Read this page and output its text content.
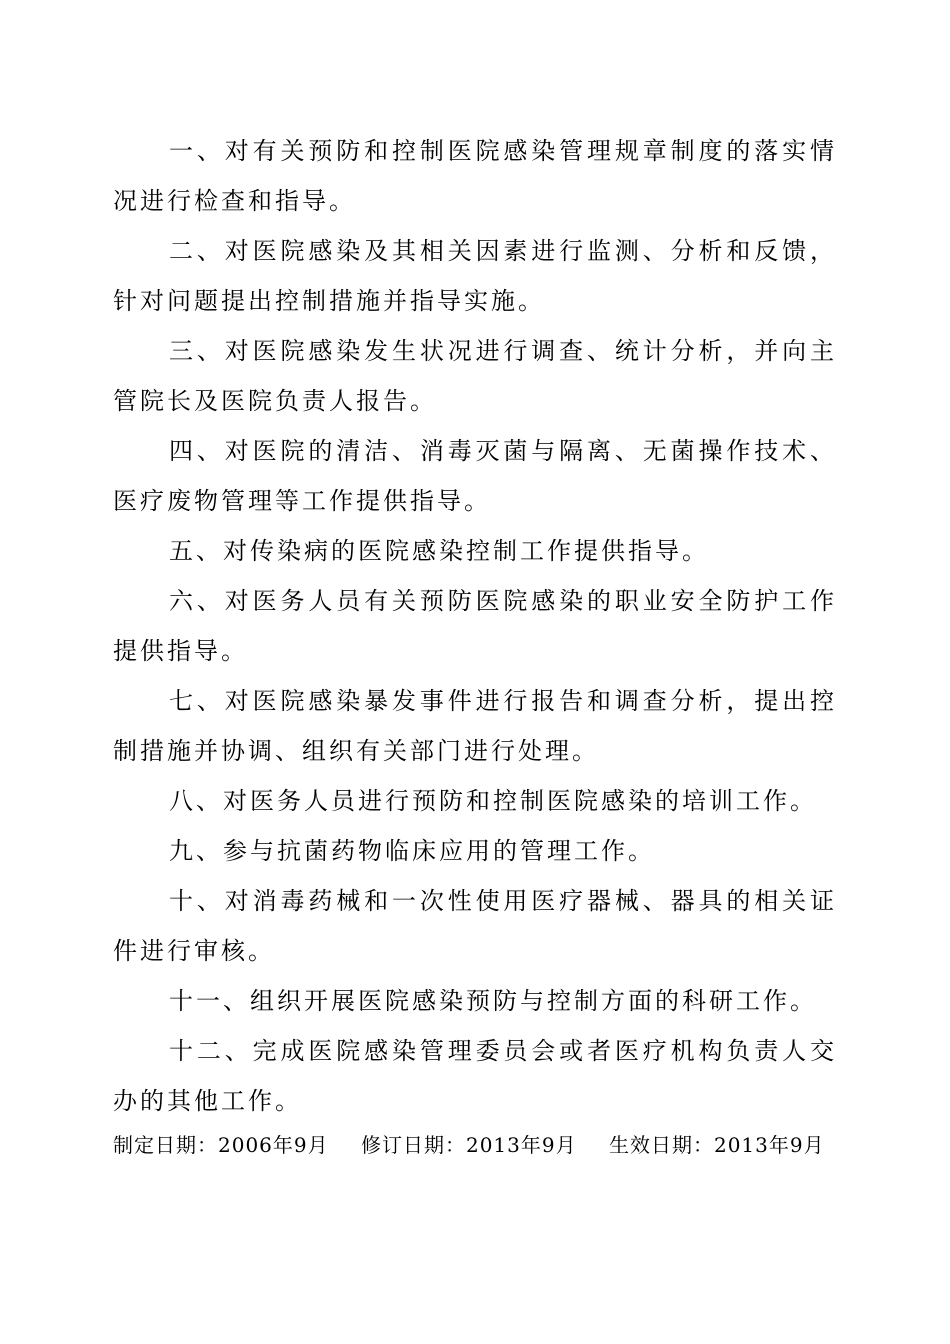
一、对有关预防和控制医院感染管理规章制度的落实情况进行检查和指导。

二、对医院感染及其相关因素进行监测、分析和反馈，针对问题提出控制措施并指导实施。

三、对医院感染发生状况进行调查、统计分析，并向主管院长及医院负责人报告。

四、对医院的清洁、消毒灭菌与隔离、无菌操作技术、医疗废物管理等工作提供指导。

五、对传染病的医院感染控制工作提供指导。

六、对医务人员有关预防医院感染的职业安全防护工作提供指导。

七、对医院感染暴发事件进行报告和调查分析，提出控制措施并协调、组织有关部门进行处理。

八、对医务人员进行预防和控制医院感染的培训工作。

九、参与抗菌药物临床应用的管理工作。

十、对消毒药械和一次性使用医疗器械、器具的相关证件进行审核。

十一、组织开展医院感染预防与控制方面的科研工作。

十二、完成医院感染管理委员会或者医疗机构负责人交办的其他工作。

制定日期：2006年9月 修订日期：2013年9月 生效日期：2013年9月
